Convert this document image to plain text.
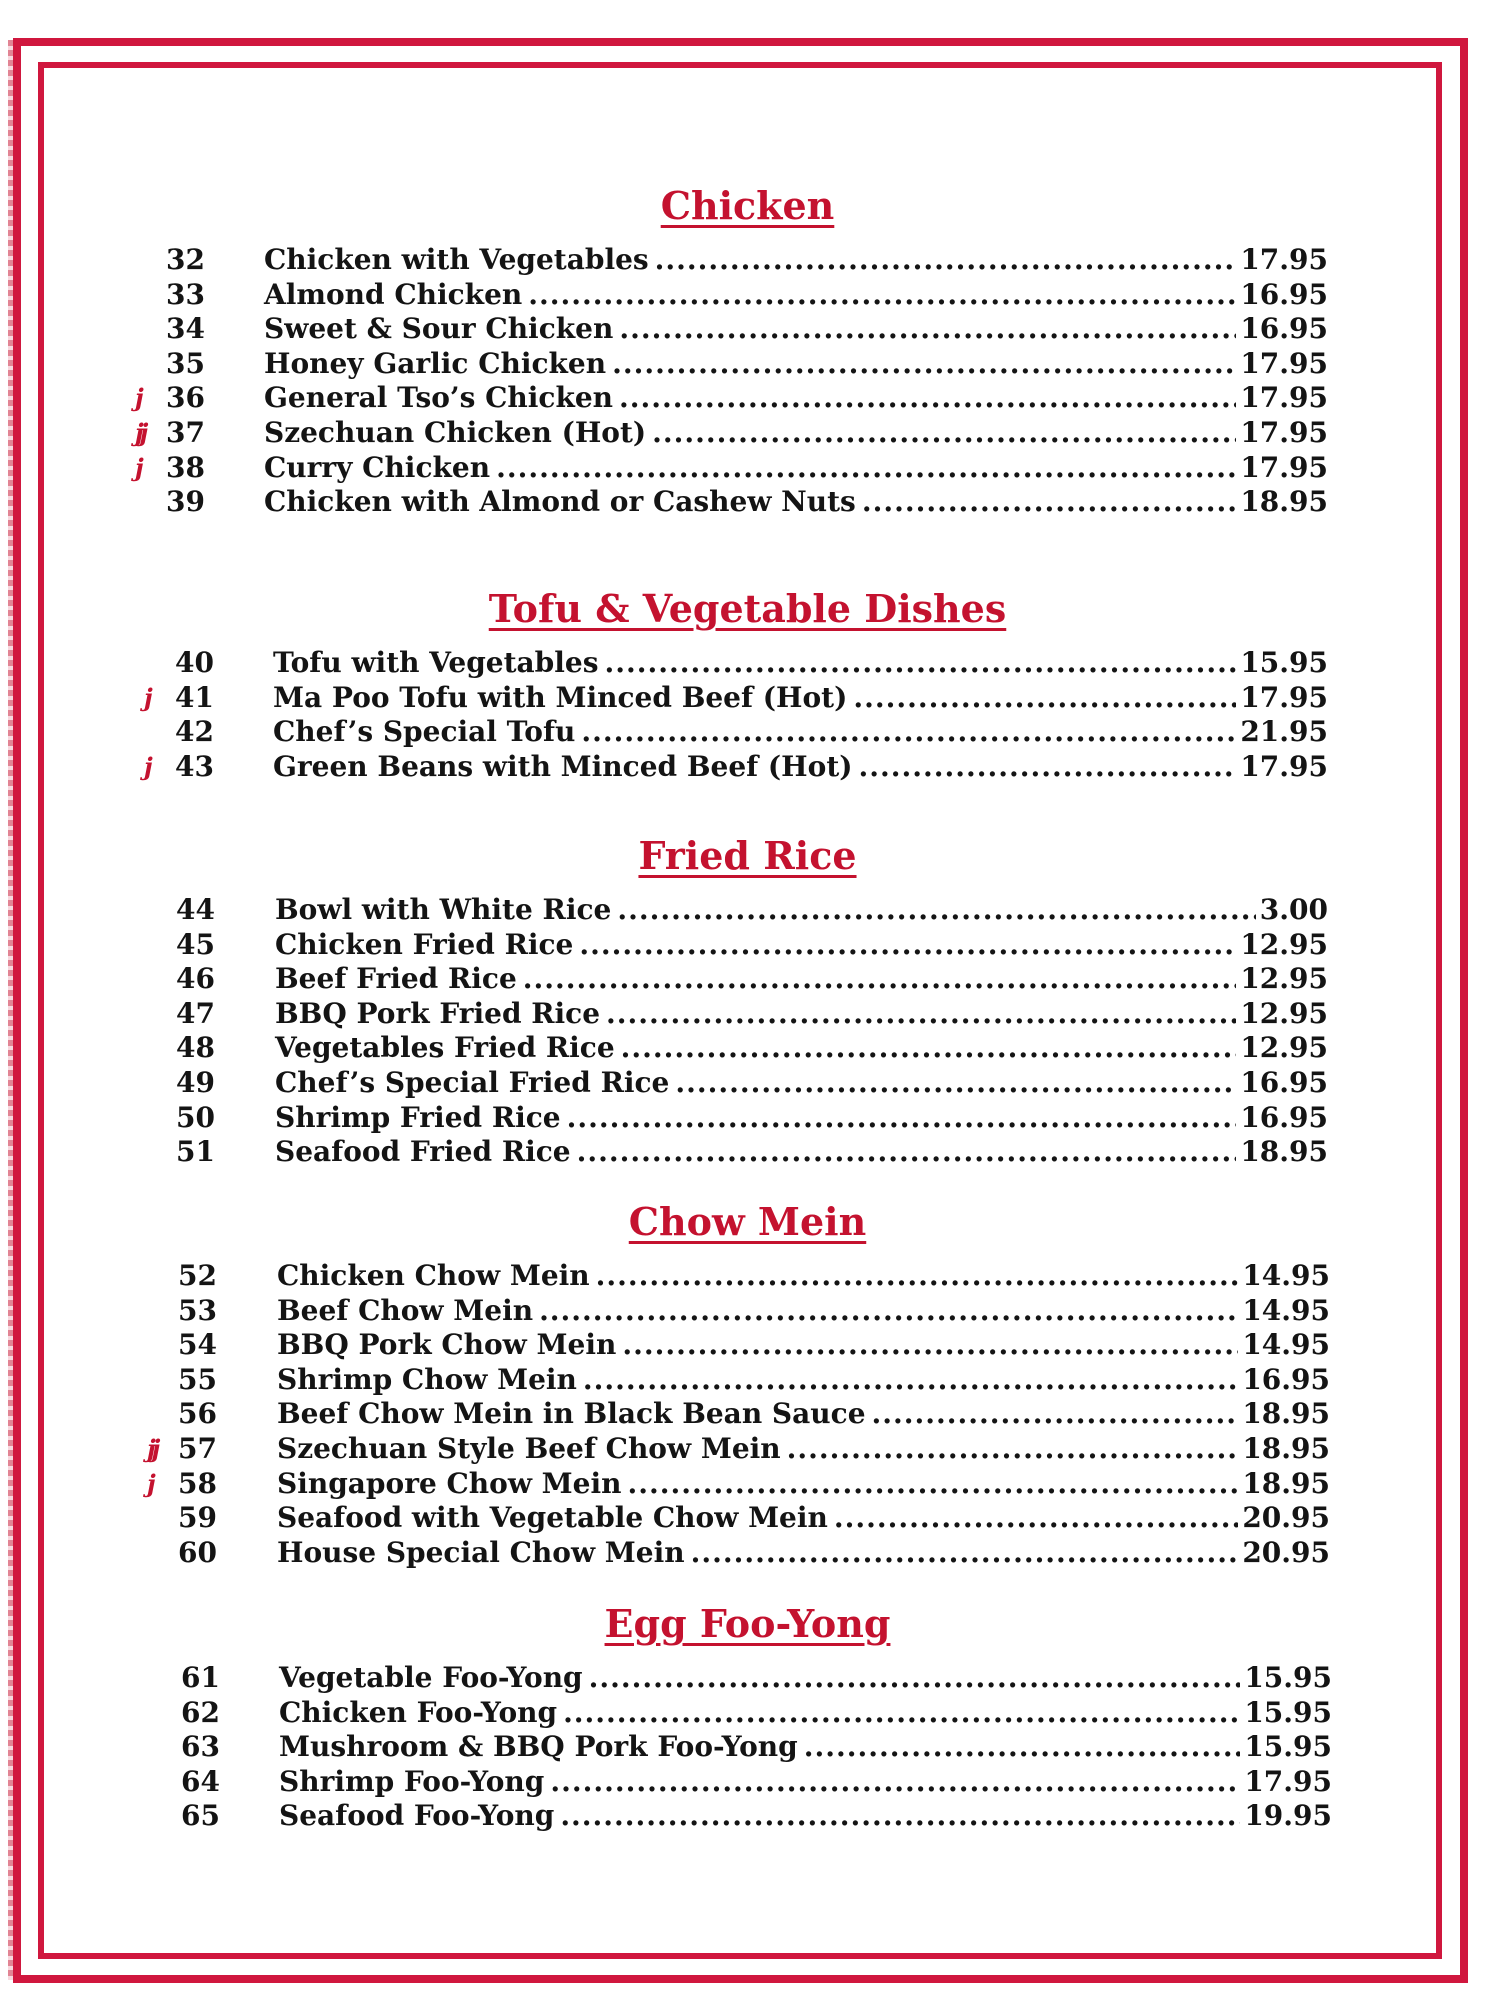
Chicken
32 Chicken with Vegetables .....	17.95
33 Almond Chicken .....	16.95
34 Sweet & Sour Chicken .....	16.95
35 Honey Garlic Chicken .....	17.95
j 36 General Tso’s Chicken .....	17.95
jj 37 Szechuan Chicken (Hot) .....	17.95
j 38 Curry Chicken .....	17.95
39 Chicken with Almond or Cashew Nuts .....	18.95
Tofu & Vegetable Dishes
40 Tofu with Vegetables .....	15.95
j 41 Ma Poo Tofu with Minced Beef (Hot) .....	17.95
42 Chef’s Special Tofu .....	21.95
j 43 Green Beans with Minced Beef (Hot) .....	17.95
Fried Rice
44 Bowl with White Rice .....	3.00
45 Chicken Fried Rice .....	12.95
46 Beef Fried Rice .....	12.95
47 BBQ Pork Fried Rice .....	12.95
48 Vegetables Fried Rice .....	12.95
49 Chef’s Special Fried Rice .....	16.95
50 Shrimp Fried Rice .....	16.95
51 Seafood Fried Rice .....	18.95
Chow Mein
52 Chicken Chow Mein .....	14.95
53 Beef Chow Mein .....	14.95
54 BBQ Pork Chow Mein .....	14.95
55 Shrimp Chow Mein .....	16.95
56 Beef Chow Mein in Black Bean Sauce .....	18.95
jj 57 Szechuan Style Beef Chow Mein .....	18.95
j 58 Singapore Chow Mein .....	18.95
59 Seafood with Vegetable Chow Mein .....	20.95
60 House Special Chow Mein .....	20.95
Egg Foo-Yong
61 Vegetable Foo-Yong .....	15.95
62 Chicken Foo-Yong .....	15.95
63 Mushroom & BBQ Pork Foo-Yong .....	15.95
64 Shrimp Foo-Yong .....	17.95
65 Seafood Foo-Yong .....	19.95
